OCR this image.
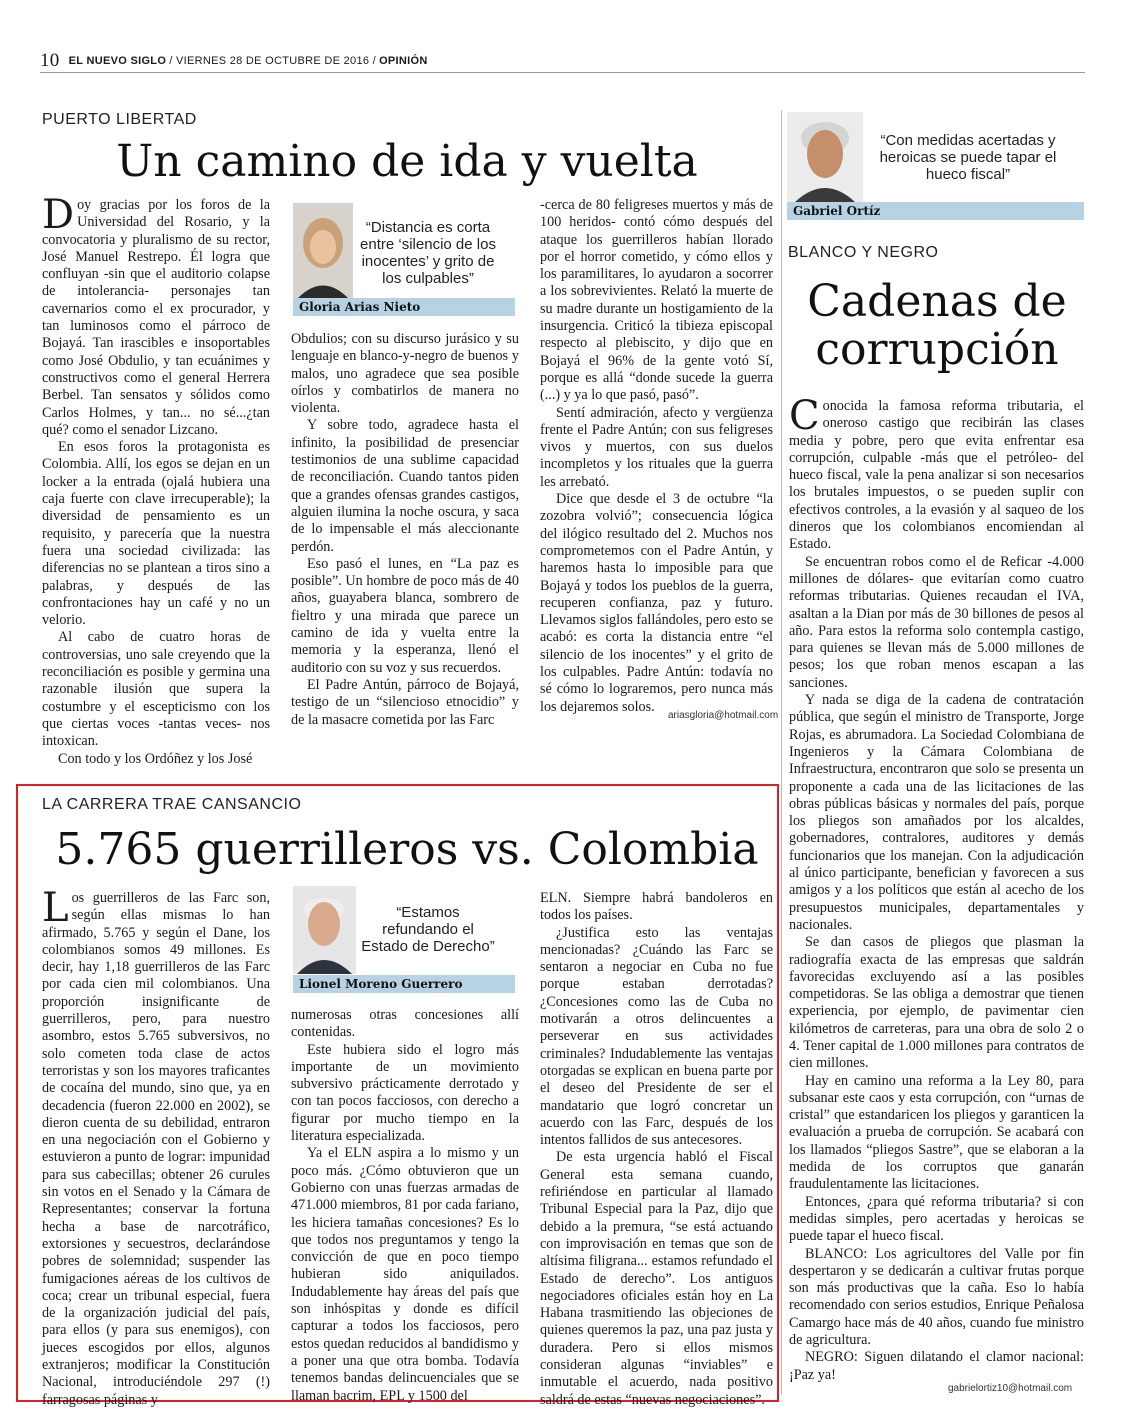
10 EL NUEVO SIGLO / VIERNES 28 DE OCTUBRE DE 2016 / OPINIÓN
PUERTO LIBERTAD
Un camino de ida y vuelta

Doy gracias por los foros de la Universidad del Rosario, y la convocatoria y pluralismo de su rector, José Manuel Restrepo. Él logra que confluyan -sin que el auditorio colapse de intolerancia- personajes tan cavernarios como el ex procurador, y tan luminosos como el párroco de Bojayá. Tan irascibles e insoportables como José Obdulio, y tan ecuánimes y constructivos como el general Herrera Berbel. Tan sensatos y sólidos como Carlos Holmes, y tan... no sé...¿tan qué? como el senador Lizcano.

En esos foros la protagonista es Colombia. Allí, los egos se dejan en un locker a la entrada (ojalá hubiera una caja fuerte con clave irrecuperable); la diversidad de pensamiento es un requisito, y parecería que la nuestra fuera una sociedad civilizada: las diferencias no se plantean a tiros sino a palabras, y después de las confrontaciones hay un café y no un velorio.

Al cabo de cuatro horas de controversias, uno sale creyendo que la reconciliación es posible y germina una razonable ilusión que supera la costumbre y el escepticismo con los que ciertas voces -tantas veces- nos intoxican.

Con todo y los Ordóñez y los José

“Distancia es corta entre ‘silencio de los inocentes’ y grito de los culpables”
Gloria Arias Nieto

Obdulios; con su discurso jurásico y su lenguaje en blanco-y-negro de buenos y malos, uno agradece que sea posible oírlos y combatirlos de manera no violenta.

Y sobre todo, agradece hasta el infinito, la posibilidad de presenciar testimonios de una sublime capacidad de reconciliación. Cuando tantos piden que a grandes ofensas grandes castigos, alguien ilumina la noche oscura, y saca de lo impensable el más aleccionante perdón.

Eso pasó el lunes, en “La paz es posible”. Un hombre de poco más de 40 años, guayabera blanca, sombrero de fieltro y una mirada que parece un camino de ida y vuelta entre la memoria y la esperanza, llenó el auditorio con su voz y sus recuerdos.

El Padre Antún, párroco de Bojayá, testigo de un “silencioso etnocidio” y de la masacre cometida por las Farc

-cerca de 80 feligreses muertos y más de 100 heridos- contó cómo después del ataque los guerrilleros habían llorado por el horror cometido, y cómo ellos y los paramilitares, lo ayudaron a socorrer a los sobrevivientes. Relató la muerte de su madre durante un hostigamiento de la insurgencia. Criticó la tibieza episcopal respecto al plebiscito, y dijo que en Bojayá el 96% de la gente votó Sí, porque es allá “donde sucede la guerra (...) y ya lo que pasó, pasó”.

Sentí admiración, afecto y vergüenza frente el Padre Antún; con sus feligreses vivos y muertos, con sus duelos incompletos y los rituales que la guerra les arrebató.

Dice que desde el 3 de octubre “la zozobra volvió”; consecuencia lógica del ilógico resultado del 2. Muchos nos comprometemos con el Padre Antún, y haremos hasta lo imposible para que Bojayá y todos los pueblos de la guerra, recuperen confianza, paz y futuro. Llevamos siglos fallándoles, pero esto se acabó: es corta la distancia entre “el silencio de los inocentes” y el grito de los culpables. Padre Antún: todavía no sé cómo lo lograremos, pero nunca más los dejaremos solos.

ariasgloria@hotmail.com
“Con medidas acertadas y heroicas se puede tapar el hueco fiscal”
Gabriel Ortíz
BLANCO Y NEGRO
Cadenas de
corrupción

Conocida la famosa reforma tributaria, el oneroso castigo que recibirán las clases media y pobre, pero que evita enfrentar esa corrupción, culpable -más que el petróleo- del hueco fiscal, vale la pena analizar si son necesarios los brutales impuestos, o se pueden suplir con efectivos controles, a la evasión y al saqueo de los dineros que los colombianos encomiendan al Estado.

Se encuentran robos como el de Reficar -4.000 millones de dólares- que evitarían como cuatro reformas tributarias. Quienes recaudan el IVA, asaltan a la Dian por más de 30 billones de pesos al año. Para estos la reforma solo contempla castigo, para quienes se llevan más de 5.000 millones de pesos; los que roban menos escapan a las sanciones.

Y nada se diga de la cadena de contratación pública, que según el ministro de Transporte, Jorge Rojas, es abrumadora. La Sociedad Colombiana de Ingenieros y la Cámara Colombiana de Infraestructura, encontraron que solo se presenta un proponente a cada una de las licitaciones de las obras públicas básicas y normales del país, porque los pliegos son amañados por los alcaldes, gobernadores, contralores, auditores y demás funcionarios que los manejan. Con la adjudicación al único participante, benefician y favorecen a sus amigos y a los políticos que están al acecho de los presupuestos municipales, departamentales y nacionales.

Se dan casos de pliegos que plasman la radiografía exacta de las empresas que saldrán favorecidas excluyendo así a las posibles competidoras. Se las obliga a demostrar que tienen experiencia, por ejemplo, de pavimentar cien kilómetros de carreteras, para una obra de solo 2 o 4. Tener capital de 1.000 millones para contratos de cien millones.

Hay en camino una reforma a la Ley 80, para subsanar este caos y esta corrupción, con “urnas de cristal” que estandaricen los pliegos y garanticen la evaluación a prueba de corrupción. Se acabará con los llamados “pliegos Sastre”, que se elaboran a la medida de los corruptos que ganarán fraudulentamente las licitaciones.

Entonces, ¿para qué reforma tributaria? si con medidas simples, pero acertadas y heroicas se puede tapar el hueco fiscal.

BLANCO: Los agricultores del Valle por fin despertaron y se dedicarán a cultivar frutas porque son más productivas que la caña. Eso lo había recomendado con serios estudios, Enrique Peñalosa Camargo hace más de 40 años, cuando fue ministro de agricultura.

NEGRO: Siguen dilatando el clamor nacional: ¡Paz ya!

gabrielortiz10@hotmail.com
LA CARRERA TRAE CANSANCIO
5.765 guerrilleros vs. Colombia

Los guerrilleros de las Farc son, según ellas mismas lo han afirmado, 5.765 y según el Dane, los colombianos somos 49 millones. Es decir, hay 1,18 guerrilleros de las Farc por cada cien mil colombianos. Una proporción insignificante de guerrilleros, pero, para nuestro asombro, estos 5.765 subversivos, no solo cometen toda clase de actos terroristas y son los mayores traficantes de cocaína del mundo, sino que, ya en decadencia (fueron 22.000 en 2002), se dieron cuenta de su debilidad, entraron en una negociación con el Gobierno y estuvieron a punto de lograr: impunidad para sus cabecillas; obtener 26 curules sin votos en el Senado y la Cámara de Representantes; conservar la fortuna hecha a base de narcotráfico, extorsiones y secuestros, declarándose pobres de solemnidad; suspender las fumigaciones aéreas de los cultivos de coca; crear un tribunal especial, fuera de la organización judicial del país, para ellos (y para sus enemigos), con jueces escogidos por ellos, algunos extranjeros; modificar la Constitución Nacional, introduciéndole 297 (!) farragosas páginas y

“Estamos refundando el Estado de Derecho”
Lionel Moreno Guerrero

numerosas otras concesiones allí contenidas.

Este hubiera sido el logro más importante de un movimiento subversivo prácticamente derrotado y con tan pocos facciosos, con derecho a figurar por mucho tiempo en la literatura especializada.

Ya el ELN aspira a lo mismo y un poco más. ¿Cómo obtuvieron que un Gobierno con unas fuerzas armadas de 471.000 miembros, 81 por cada fariano, les hiciera tamañas concesiones? Es lo que todos nos preguntamos y tengo la convicción de que en poco tiempo hubieran sido aniquilados. Indudablemente hay áreas del país que son inhóspitas y donde es difícil capturar a todos los facciosos, pero estos quedan reducidos al bandidismo y a poner una que otra bomba. Todavía tenemos bandas delincuenciales que se llaman bacrim, EPL y 1500 del

ELN. Siempre habrá bandoleros en todos los países.

¿Justifica esto las ventajas mencionadas? ¿Cuándo las Farc se sentaron a negociar en Cuba no fue porque estaban derrotadas? ¿Concesiones como las de Cuba no motivarán a otros delincuentes a perseverar en sus actividades criminales? Indudablemente las ventajas otorgadas se explican en buena parte por el deseo del Presidente de ser el mandatario que logró concretar un acuerdo con las Farc, después de los intentos fallidos de sus antecesores.

De esta urgencia habló el Fiscal General esta semana cuando, refiriéndose en particular al llamado Tribunal Especial para la Paz, dijo que debido a la premura, “se está actuando con improvisación en temas que son de altísima filigrana... estamos refundado el Estado de derecho”. Los antiguos negociadores oficiales están hoy en La Habana trasmitiendo las objeciones de quienes queremos la paz, una paz justa y duradera. Pero si ellos mismos consideran algunas “inviables” e inmutable el acuerdo, nada positivo saldrá de estas “nuevas negociaciones”.
